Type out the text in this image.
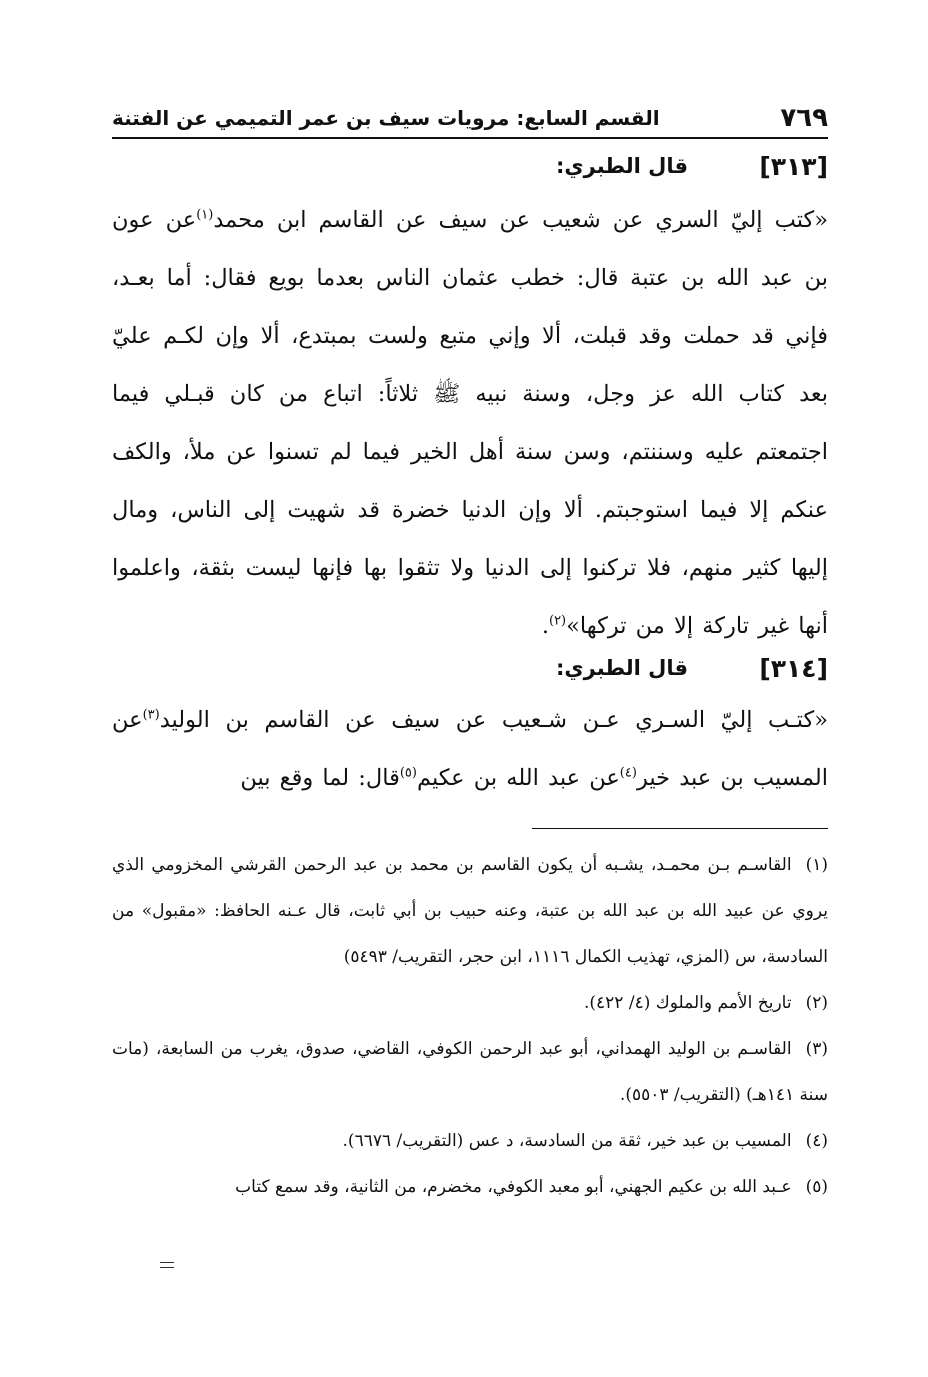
٧٦٩
القسم السابع: مرويات سيف بن عمر التميمي عن الفتنة
[٣١٣]
قال الطبري:

«كتب إليّ السري عن شعيب عن سيف عن القاسم ابن محمد$^{(١)}$عن عون بن عبد الله بن عتبة قال: خطب عثمان الناس بعدما بويع فقال: أما بعـد، فإني قد حملت وقد قبلت، ألا وإني متبع ولست بمبتدع، ألا وإن لكـم عليّ بعد كتاب الله عز وجل، وسنة نبيه ﷺ ثلاثاً: اتباع من كان قبـلي فيما اجتمعتم عليه وسننتم، وسن سنة أهل الخير فيما لم تسنوا عن ملأ، والكف عنكم إلا فيما استوجبتم. ألا وإن الدنيا خضرة قد شهيت إلى الناس، ومال إليها كثير منهم، فلا تركنوا إلى الدنيا ولا تثقوا بها فإنها ليست بثقة، واعلموا أنها غير تاركة إلا من تركها»$^{(٢)}$.

[٣١٤]
قال الطبري:

«كتـب إليّ السـري عـن شـعيب عن سيف عن القاسم بن الوليد$^{(٣)}$عن المسيب بن عبد خير$^{(٤)}$عن عبد الله بن عكيم$^{(٥)}$قال: لما وقع بين

(١)القاسـم بـن محمـد، يشـبه أن يكون القاسم بن محمد بن عبد الرحمن القرشي المخزومي الذي يروي عن عبيد الله بن عبد الله بن عتبة، وعنه حبيب بن أبي ثابت، قال عـنه الحافظ: «مقبول» من السادسة، س (المزي، تهذيب الكمال ١١١٦، ابن حجر، التقريب/ ٥٤٩٣)

(٢)تاريخ الأمم والملوك (٤/ ٤٢٢).

(٣)القاسـم بن الوليد الهمداني، أبو عبد الرحمن الكوفي، القاضي، صدوق، يغرب من السابعة، (مات سنة ١٤١هـ) (التقريب/ ٥٥٠٣).

(٤)المسيب بن عبد خير، ثقة من السادسة، د عس (التقريب/ ٦٦٧٦).

(٥)عـبد الله بن عكيم الجهني، أبو معبد الكوفي، مخضرم، من الثانية، وقد سمع كتاب
